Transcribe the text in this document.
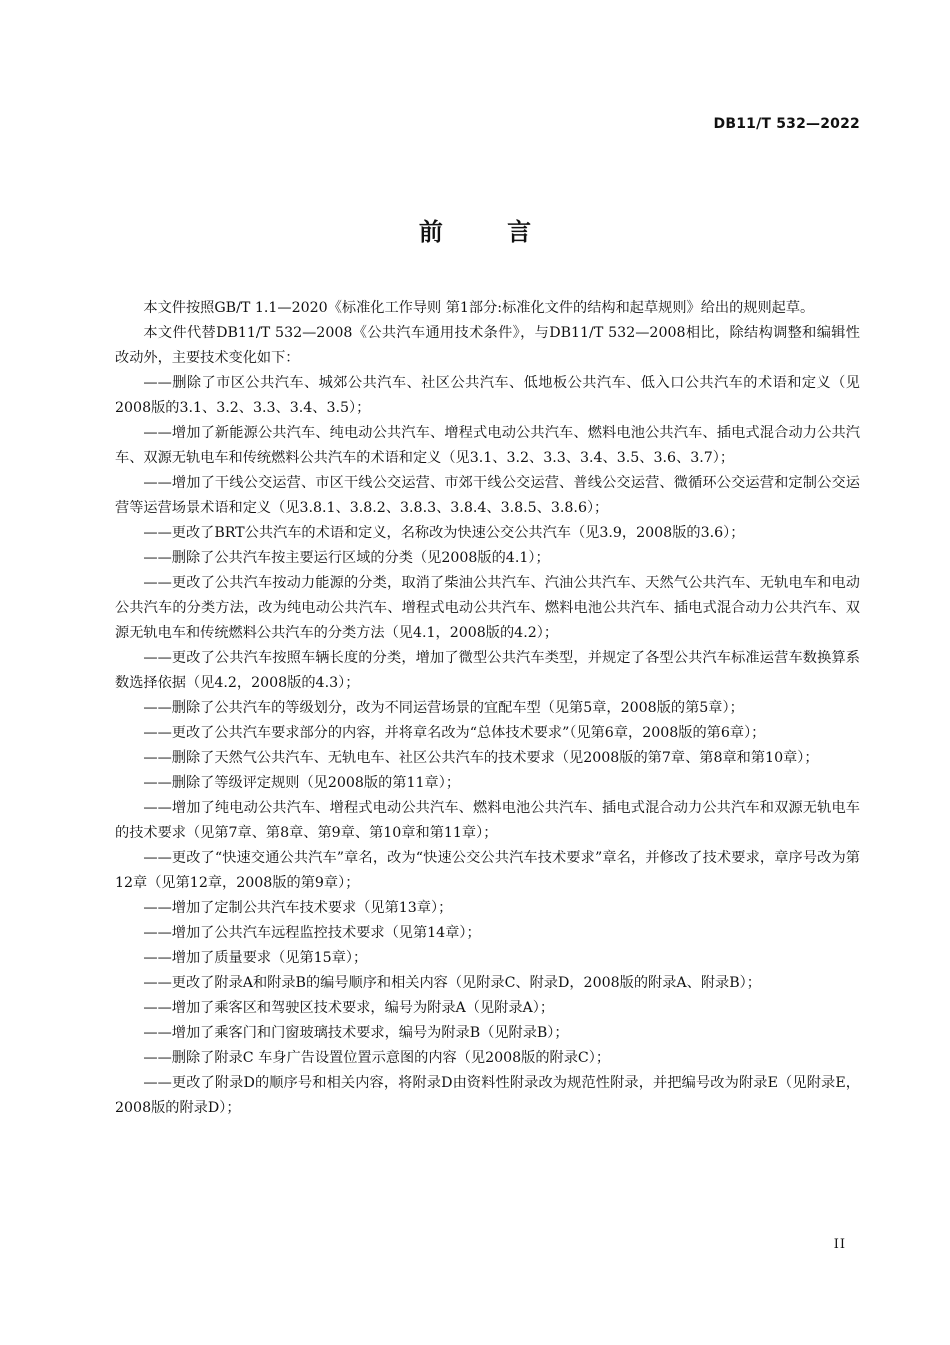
DB11/T 532—2022
前 言

本文件按照GB/T 1.1—2020《标准化工作导则 第1部分:标准化文件的结构和起草规则》给出的规则起草。

本文件代替DB11/T 532—2008《公共汽车通用技术条件》，与DB11/T 532—2008相比，除结构调整和编辑性改动外，主要技术变化如下：

——删除了市区公共汽车、城郊公共汽车、社区公共汽车、低地板公共汽车、低入口公共汽车的术语和定义（见2008版的3.1、3.2、3.3、3.4、3.5）；

——增加了新能源公共汽车、纯电动公共汽车、增程式电动公共汽车、燃料电池公共汽车、插电式混合动力公共汽车、双源无轨电车和传统燃料公共汽车的术语和定义（见3.1、3.2、3.3、3.4、3.5、3.6、3.7）；

——增加了干线公交运营、市区干线公交运营、市郊干线公交运营、普线公交运营、微循环公交运营和定制公交运营等运营场景术语和定义（见3.8.1、3.8.2、3.8.3、3.8.4、3.8.5、3.8.6）；

——更改了BRT公共汽车的术语和定义，名称改为快速公交公共汽车（见3.9，2008版的3.6）；

——删除了公共汽车按主要运行区域的分类（见2008版的4.1）；

——更改了公共汽车按动力能源的分类，取消了柴油公共汽车、汽油公共汽车、天然气公共汽车、无轨电车和电动公共汽车的分类方法，改为纯电动公共汽车、增程式电动公共汽车、燃料电池公共汽车、插电式混合动力公共汽车、双源无轨电车和传统燃料公共汽车的分类方法（见4.1，2008版的4.2）；

——更改了公共汽车按照车辆长度的分类，增加了微型公共汽车类型，并规定了各型公共汽车标准运营车数换算系数选择依据（见4.2，2008版的4.3）；

——删除了公共汽车的等级划分，改为不同运营场景的宜配车型（见第5章，2008版的第5章）；

——更改了公共汽车要求部分的内容，并将章名改为“总体技术要求”（见第6章，2008版的第6章）；

——删除了天然气公共汽车、无轨电车、社区公共汽车的技术要求（见2008版的第7章、第8章和第10章）；

——删除了等级评定规则（见2008版的第11章）；

——增加了纯电动公共汽车、增程式电动公共汽车、燃料电池公共汽车、插电式混合动力公共汽车和双源无轨电车的技术要求（见第7章、第8章、第9章、第10章和第11章）；

——更改了“快速交通公共汽车”章名，改为“快速公交公共汽车技术要求”章名，并修改了技术要求，章序号改为第12章（见第12章，2008版的第9章）；

——增加了定制公共汽车技术要求（见第13章）；

——增加了公共汽车远程监控技术要求（见第14章）；

——增加了质量要求（见第15章）；

——更改了附录A和附录B的编号顺序和相关内容（见附录C、附录D，2008版的附录A、附录B）；

——增加了乘客区和驾驶区技术要求，编号为附录A（见附录A）；

——增加了乘客门和门窗玻璃技术要求，编号为附录B（见附录B）；

——删除了附录C 车身广告设置位置示意图的内容（见2008版的附录C）；

——更改了附录D的顺序号和相关内容，将附录D由资料性附录改为规范性附录，并把编号改为附录E（见附录E，2008版的附录D）；

II
